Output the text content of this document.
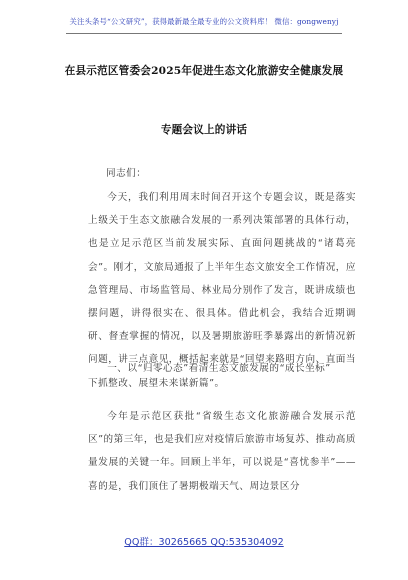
关注头条号“公文研究”，获得最新最全最专业的公文资料库！ 微信：gongwenyj
在县示范区管委会2025年促进生态文化旅游安全健康发展
专题会议上的讲话
同志们：
今天，我们利用周末时间召开这个专题会议，既是落实上级关于生态文旅融合发展的一系列决策部署的具体行动，也是立足示范区当前发展实际、直面问题挑战的“诸葛亮会”。刚才，文旅局通报了上半年生态文旅安全工作情况，应急管理局、市场监管局、林业局分别作了发言，既讲成绩也摆问题，讲得很实在、很具体。借此机会，我结合近期调研、督查掌握的情况，以及暑期旅游旺季暴露出的新情况新问题，讲三点意见，概括起来就是“回望来路明方向、直面当下抓整改、展望未来谋新篇”。
一、以“归零心态”看清生态文旅发展的“成长坐标”
今年是示范区获批“省级生态文化旅游融合发展示范区”的第三年，也是我们应对疫情后旅游市场复苏、推动高质量发展的关键一年。回顾上半年，可以说是“喜忧参半”——喜的是，我们顶住了暑期极端天气、周边景区分
QQ群：30265665 QQ:535304092
